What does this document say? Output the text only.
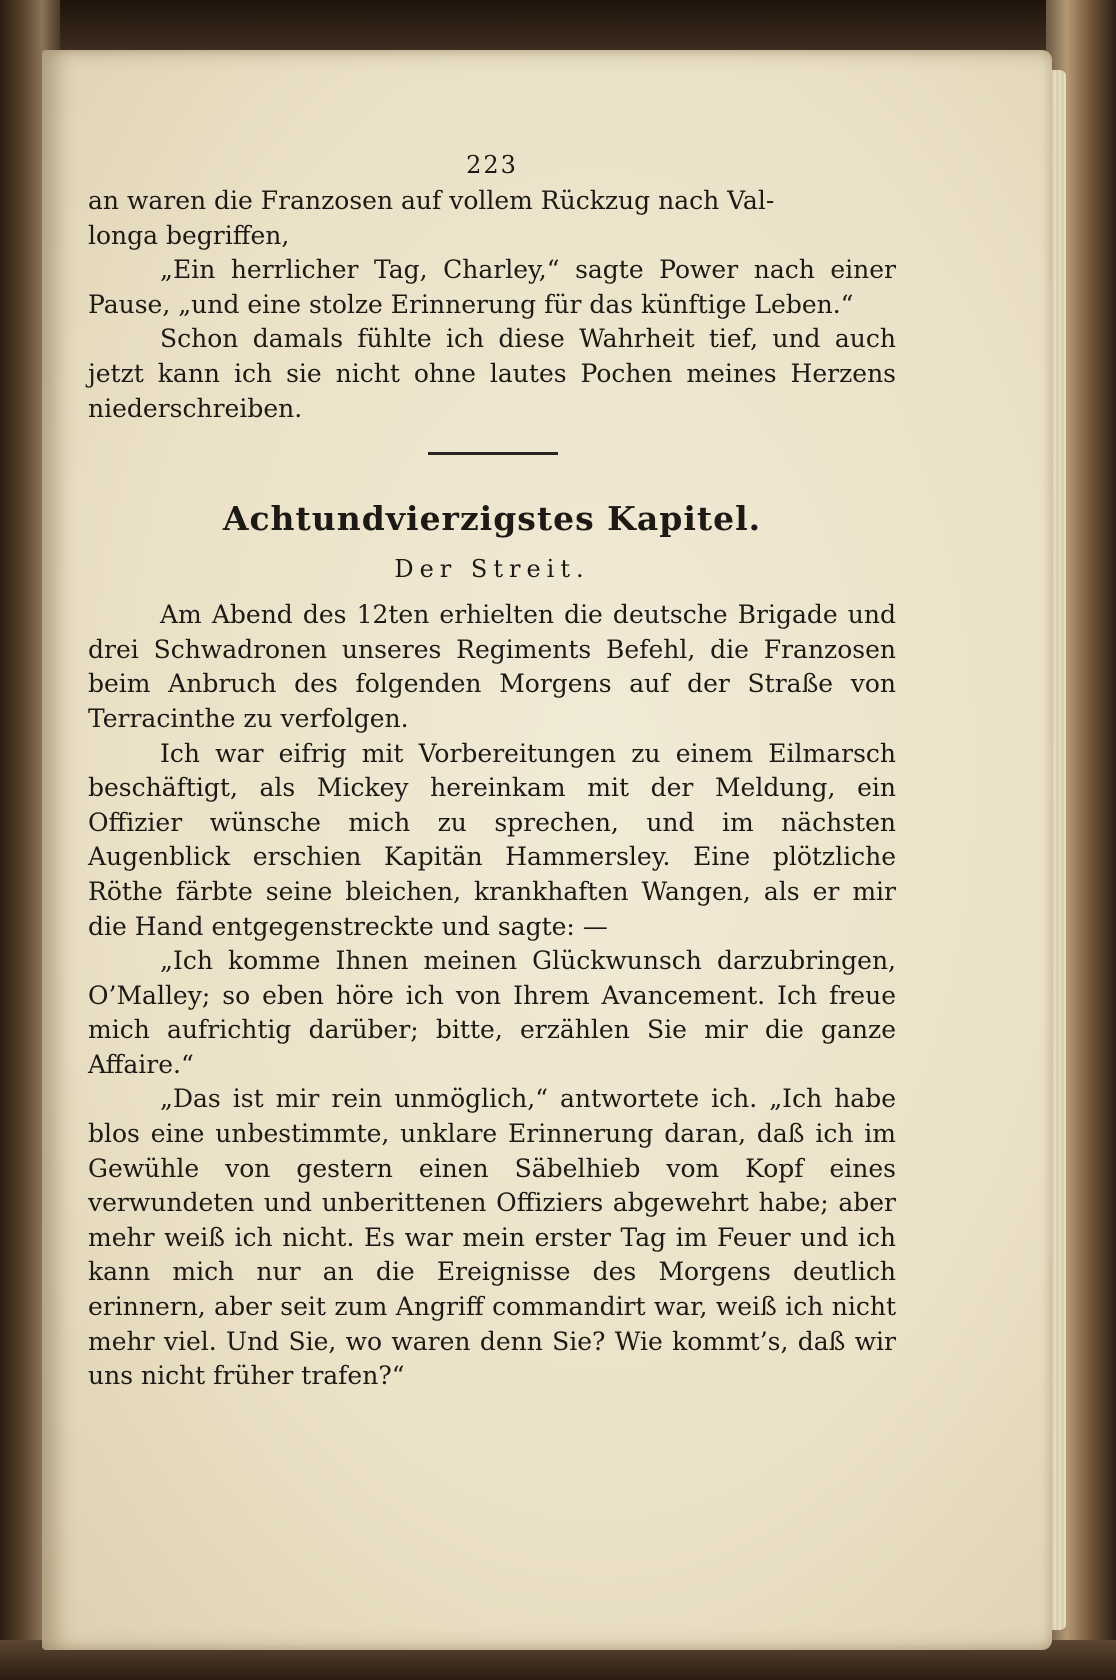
223

an waren die Franzosen auf vollem Rückzug nach Val-

longa begriffen,

„Ein herrlicher Tag, Charley,“ sagte Power nach einer Pause, „und eine stolze Erinnerung für das künftige Leben.“

Schon damals fühlte ich diese Wahrheit tief, und auch jetzt kann ich sie nicht ohne lautes Pochen meines Herzens niederschreiben.

Achtundvierzigstes Kapitel.
Der Streit.

Am Abend des 12ten erhielten die deutsche Brigade und drei Schwadronen unseres Regiments Befehl, die Franzosen beim Anbruch des folgenden Morgens auf der Straße von Terracinthe zu verfolgen.

Ich war eifrig mit Vorbereitungen zu einem Eilmarsch beschäftigt, als Mickey hereinkam mit der Meldung, ein Offizier wünsche mich zu sprechen, und im nächsten Augenblick erschien Kapitän Hammersley. Eine plötzliche Röthe färbte seine bleichen, krankhaften Wangen, als er mir die Hand entgegenstreckte und sagte: —

„Ich komme Ihnen meinen Glückwunsch darzubringen, O’Malley; so eben höre ich von Ihrem Avancement. Ich freue mich aufrichtig darüber; bitte, erzählen Sie mir die ganze Affaire.“

„Das ist mir rein unmöglich,“ antwortete ich. „Ich habe blos eine unbestimmte, unklare Erinnerung daran, daß ich im Gewühle von gestern einen Säbelhieb vom Kopf eines verwundeten und unberittenen Offiziers abgewehrt habe; aber mehr weiß ich nicht. Es war mein erster Tag im Feuer und ich kann mich nur an die Ereignisse des Morgens deutlich erinnern, aber seit zum Angriff commandirt war, weiß ich nicht mehr viel. Und Sie, wo waren denn Sie? Wie kommt’s, daß wir uns nicht früher trafen?“
